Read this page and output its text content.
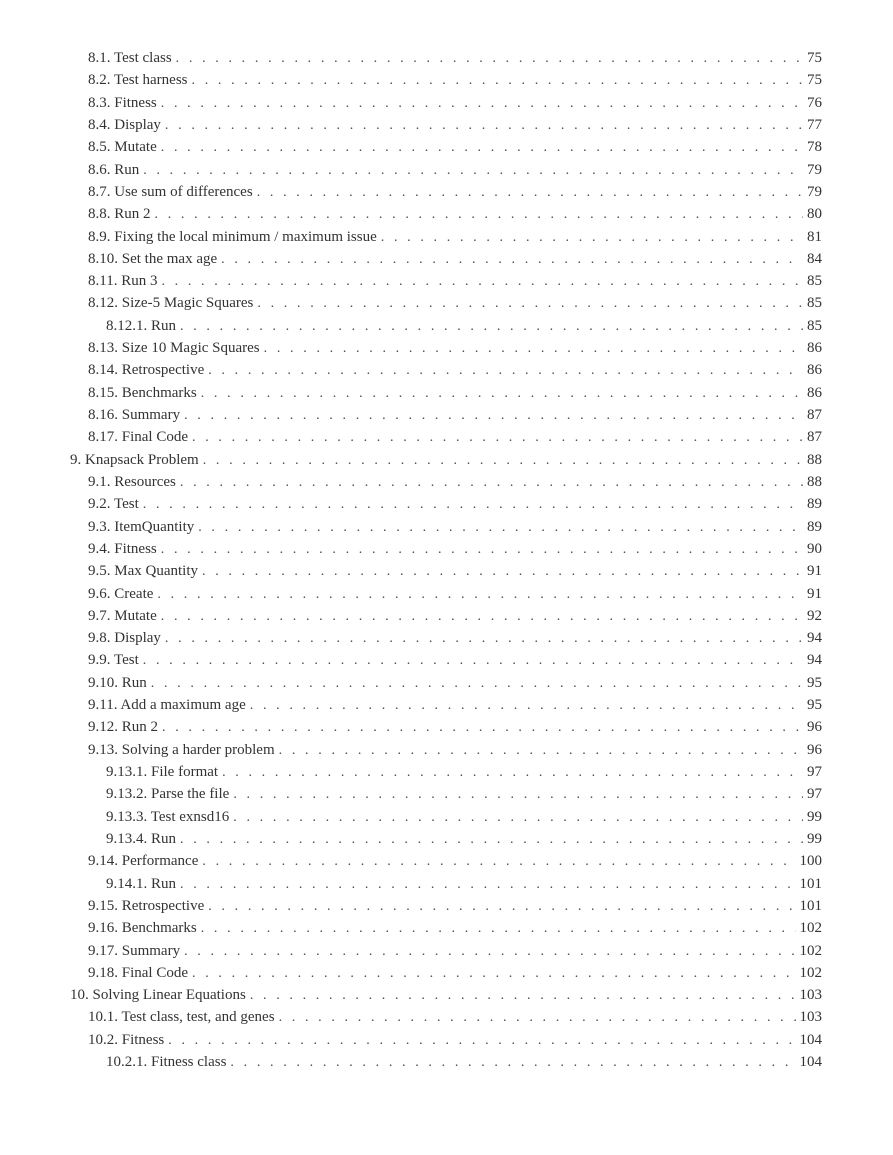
8.1. Test class . . .	75
8.2. Test harness . . .	75
8.3. Fitness . . .	76
8.4. Display . . .	77
8.5. Mutate . . .	78
8.6. Run . . .	79
8.7. Use sum of differences . . .	79
8.8. Run 2 . . .	80
8.9. Fixing the local minimum / maximum issue . . .	81
8.10. Set the max age . . .	84
8.11. Run 3 . . .	85
8.12. Size-5 Magic Squares . . .	85
8.12.1. Run . . .	85
8.13. Size 10 Magic Squares . . .	86
8.14. Retrospective . . .	86
8.15. Benchmarks . . .	86
8.16. Summary . . .	87
8.17. Final Code . . .	87
9. Knapsack Problem . . .	88
9.1. Resources . . .	88
9.2. Test . . .	89
9.3. ItemQuantity . . .	89
9.4. Fitness . . .	90
9.5. Max Quantity . . .	91
9.6. Create . . .	91
9.7. Mutate . . .	92
9.8. Display . . .	94
9.9. Test . . .	94
9.10. Run . . .	95
9.11. Add a maximum age . . .	95
9.12. Run 2 . . .	96
9.13. Solving a harder problem . . .	96
9.13.1. File format . . .	97
9.13.2. Parse the file . . .	97
9.13.3. Test exnsd16 . . .	99
9.13.4. Run . . .	99
9.14. Performance . . .	100
9.14.1. Run . . .	101
9.15. Retrospective . . .	101
9.16. Benchmarks . . .	102
9.17. Summary . . .	102
9.18. Final Code . . .	102
10. Solving Linear Equations . . .	103
10.1. Test class, test, and genes . . .	103
10.2. Fitness . . .	104
10.2.1. Fitness class . . .	104
